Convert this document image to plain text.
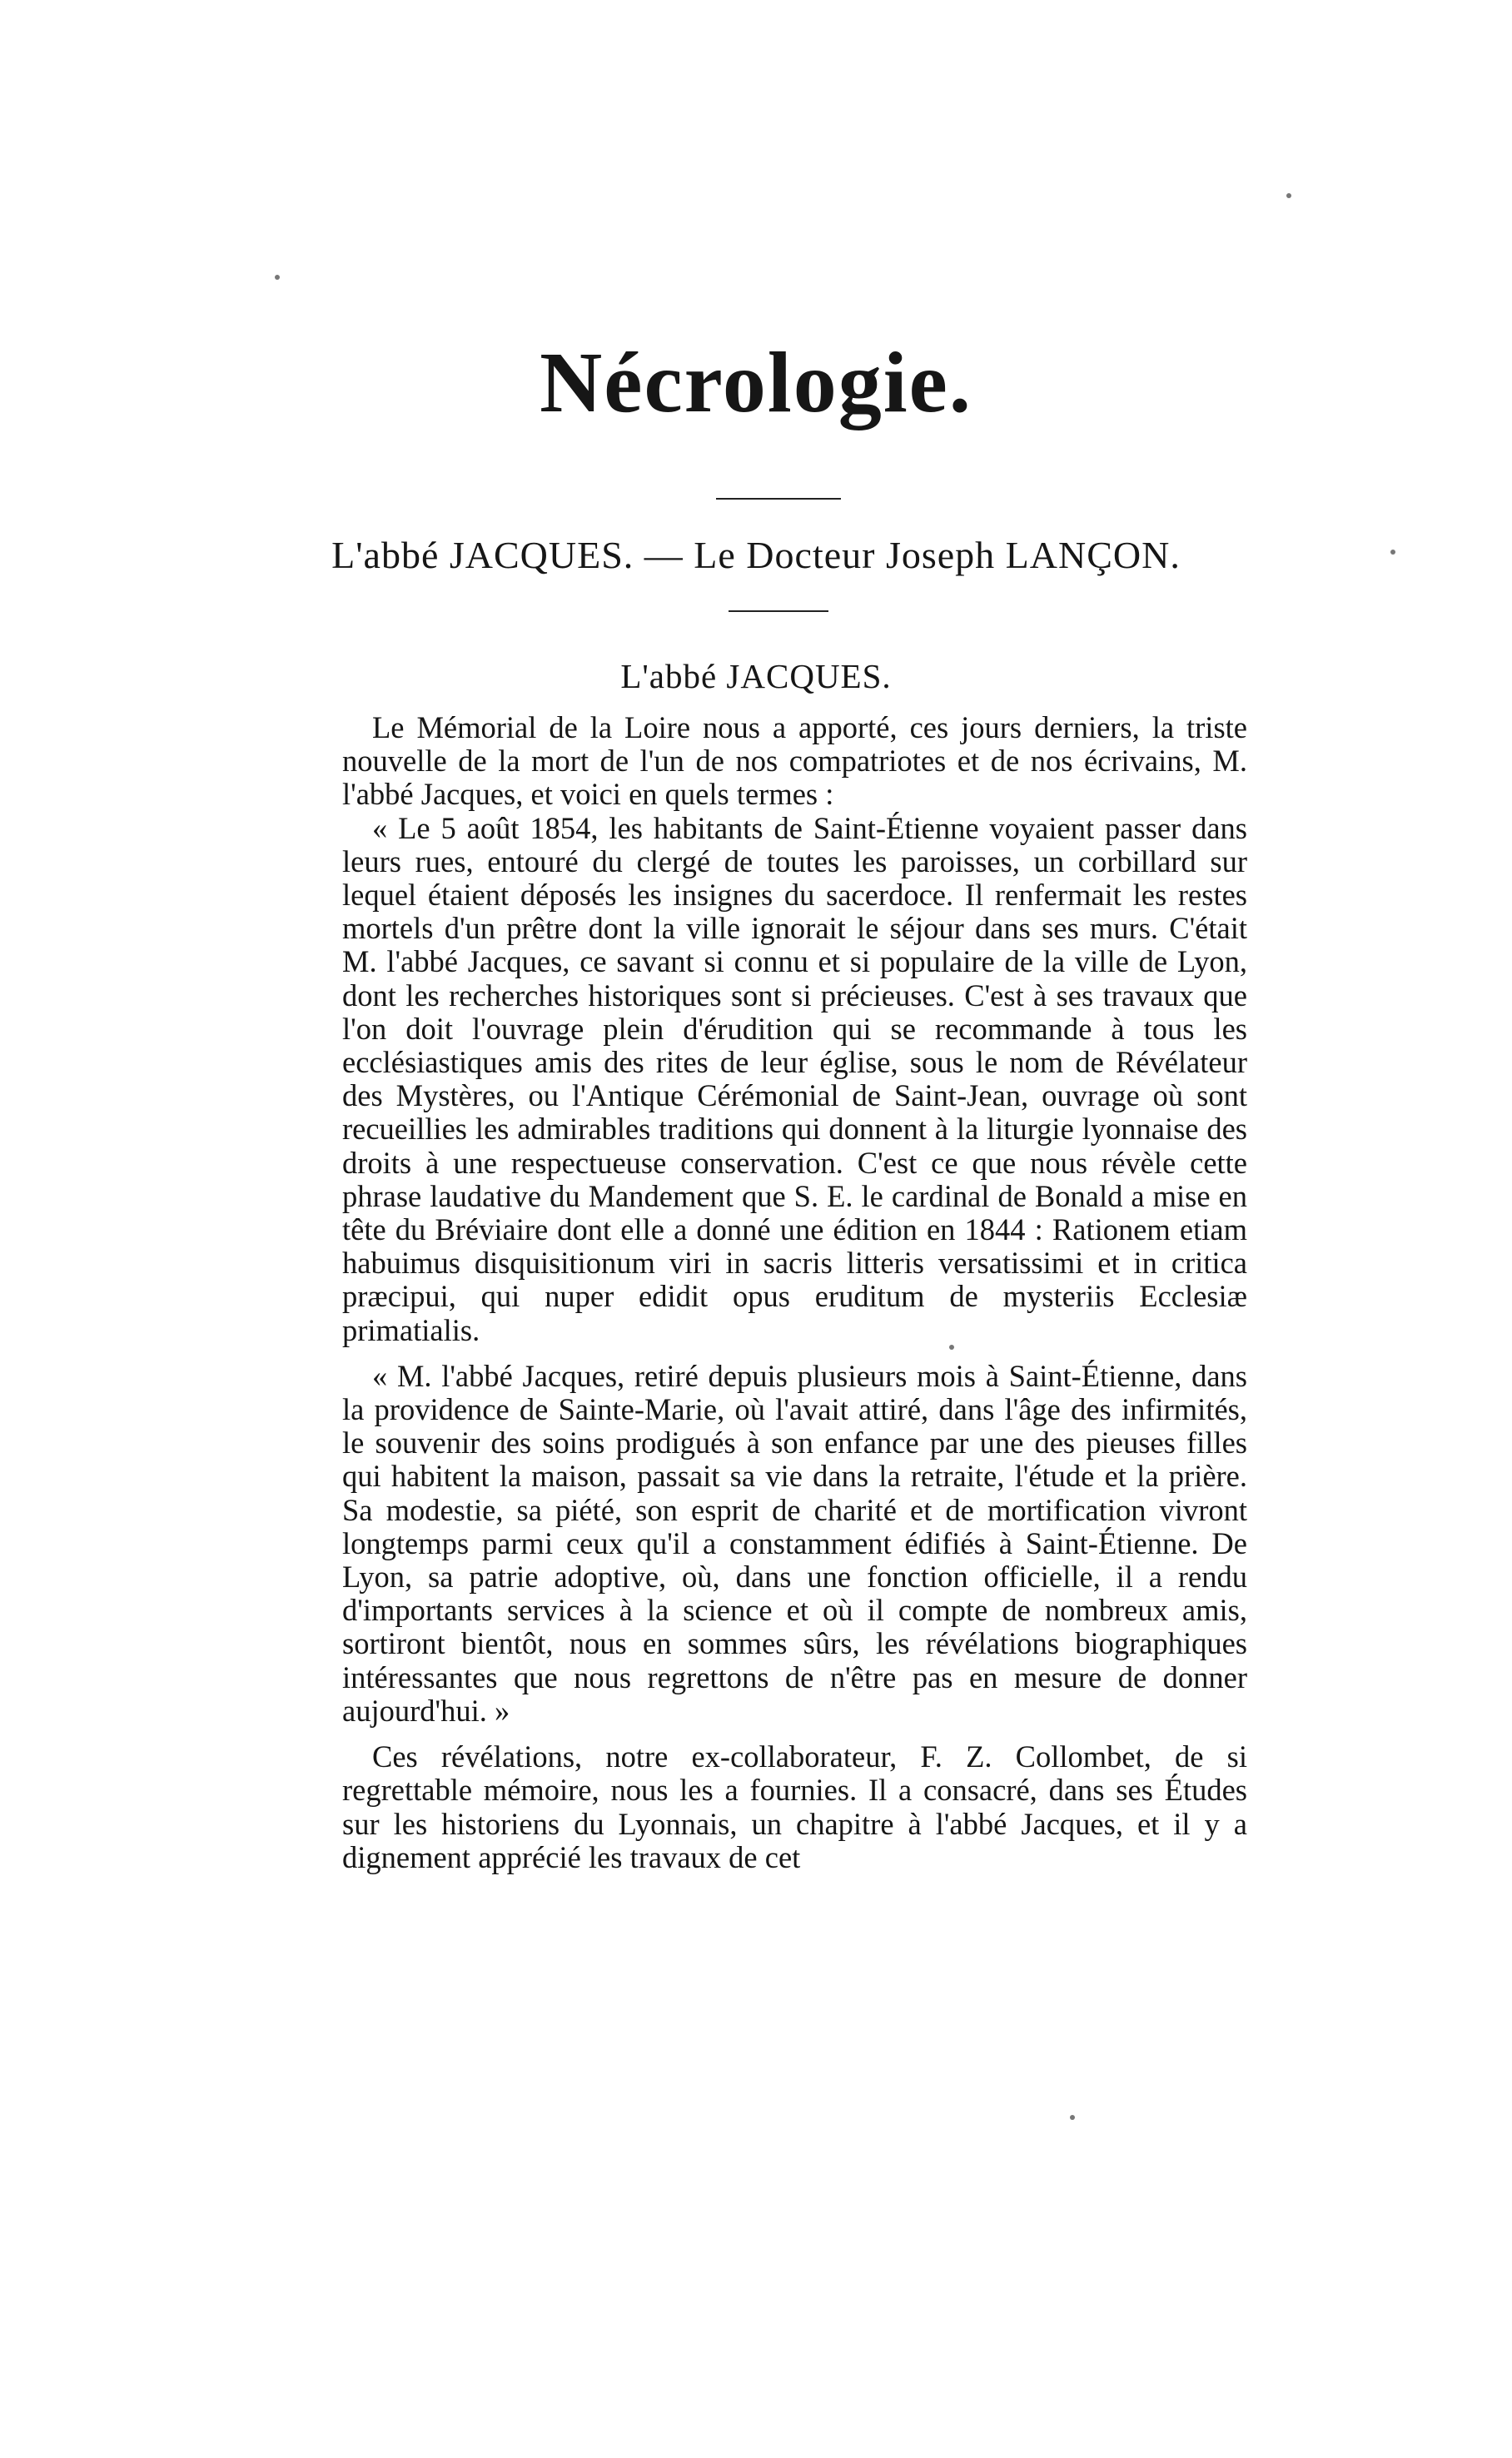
Nécrologie.
L'abbé JACQUES. — Le Docteur Joseph LANÇON.
L'abbé JACQUES.

Le Mémorial de la Loire nous a apporté, ces jours derniers, la triste nouvelle de la mort de l'un de nos compatriotes et de nos écrivains, M. l'abbé Jacques, et voici en quels termes :

« Le 5 août 1854, les habitants de Saint-Étienne voyaient passer dans leurs rues, entouré du clergé de toutes les paroisses, un corbillard sur lequel étaient déposés les insignes du sacerdoce. Il renfermait les restes mortels d'un prêtre dont la ville ignorait le séjour dans ses murs. C'était M. l'abbé Jacques, ce savant si connu et si populaire de la ville de Lyon, dont les recherches historiques sont si précieuses. C'est à ses travaux que l'on doit l'ouvrage plein d'érudition qui se recommande à tous les ecclésiastiques amis des rites de leur église, sous le nom de Révélateur des Mystères, ou l'Antique Cérémonial de Saint-Jean, ouvrage où sont recueillies les admirables traditions qui donnent à la liturgie lyonnaise des droits à une respectueuse conservation. C'est ce que nous révèle cette phrase laudative du Mandement que S. E. le cardinal de Bonald a mise en tête du Bréviaire dont elle a donné une édition en 1844 : Rationem etiam habuimus disquisitionum viri in sacris litteris versatissimi et in critica præcipui, qui nuper edidit opus eruditum de mysteriis Ecclesiæ primatialis.

« M. l'abbé Jacques, retiré depuis plusieurs mois à Saint-Étienne, dans la providence de Sainte-Marie, où l'avait attiré, dans l'âge des infirmités, le souvenir des soins prodigués à son enfance par une des pieuses filles qui habitent la maison, passait sa vie dans la retraite, l'étude et la prière. Sa modestie, sa piété, son esprit de charité et de mortification vivront longtemps parmi ceux qu'il a constamment édifiés à Saint-Étienne. De Lyon, sa patrie adoptive, où, dans une fonction officielle, il a rendu d'importants services à la science et où il compte de nombreux amis, sortiront bientôt, nous en sommes sûrs, les révélations biographiques intéressantes que nous regrettons de n'être pas en mesure de donner aujourd'hui. »

Ces révélations, notre ex-collaborateur, F. Z. Collombet, de si regrettable mémoire, nous les a fournies. Il a consacré, dans ses Études sur les historiens du Lyonnais, un chapitre à l'abbé Jacques, et il y a dignement apprécié les travaux de cet
